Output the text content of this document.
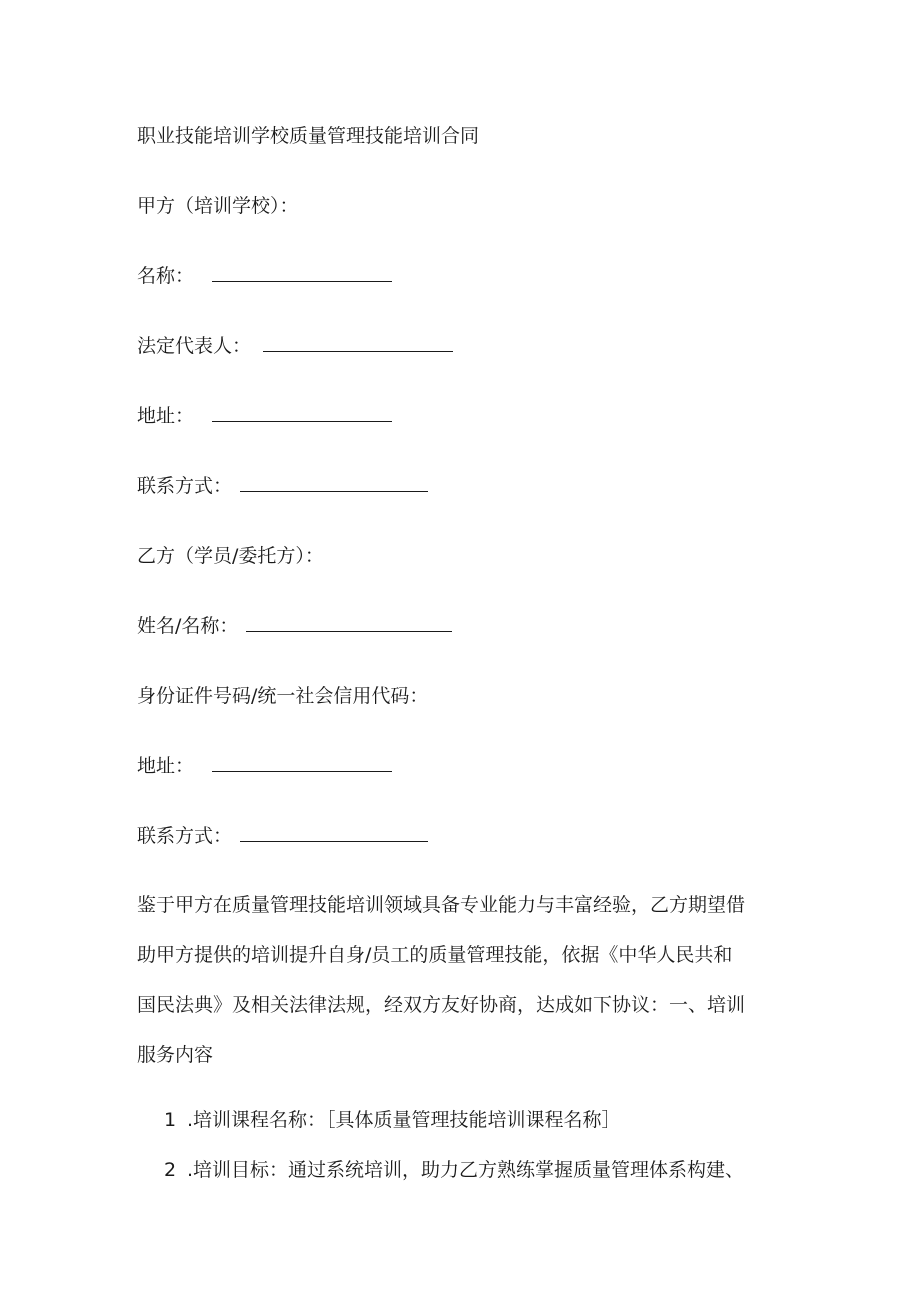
职业技能培训学校质量管理技能培训合同
甲方（培训学校）：
名称：
法定代表人：
地址：
联系方式：
乙方（学员/委托方）：
姓名/名称：
身份证件号码/统一社会信用代码：
地址：
联系方式：
鉴于甲方在质量管理技能培训领域具备专业能力与丰富经验，乙方期望借
助甲方提供的培训提升自身/员工的质量管理技能，依据《中华人民共和
国民法典》及相关法律法规，经双方友好协商，达成如下协议：一、培训
服务内容
1 .培训课程名称：［具体质量管理技能培训课程名称］
2 .培训目标：通过系统培训，助力乙方熟练掌握质量管理体系构建、
